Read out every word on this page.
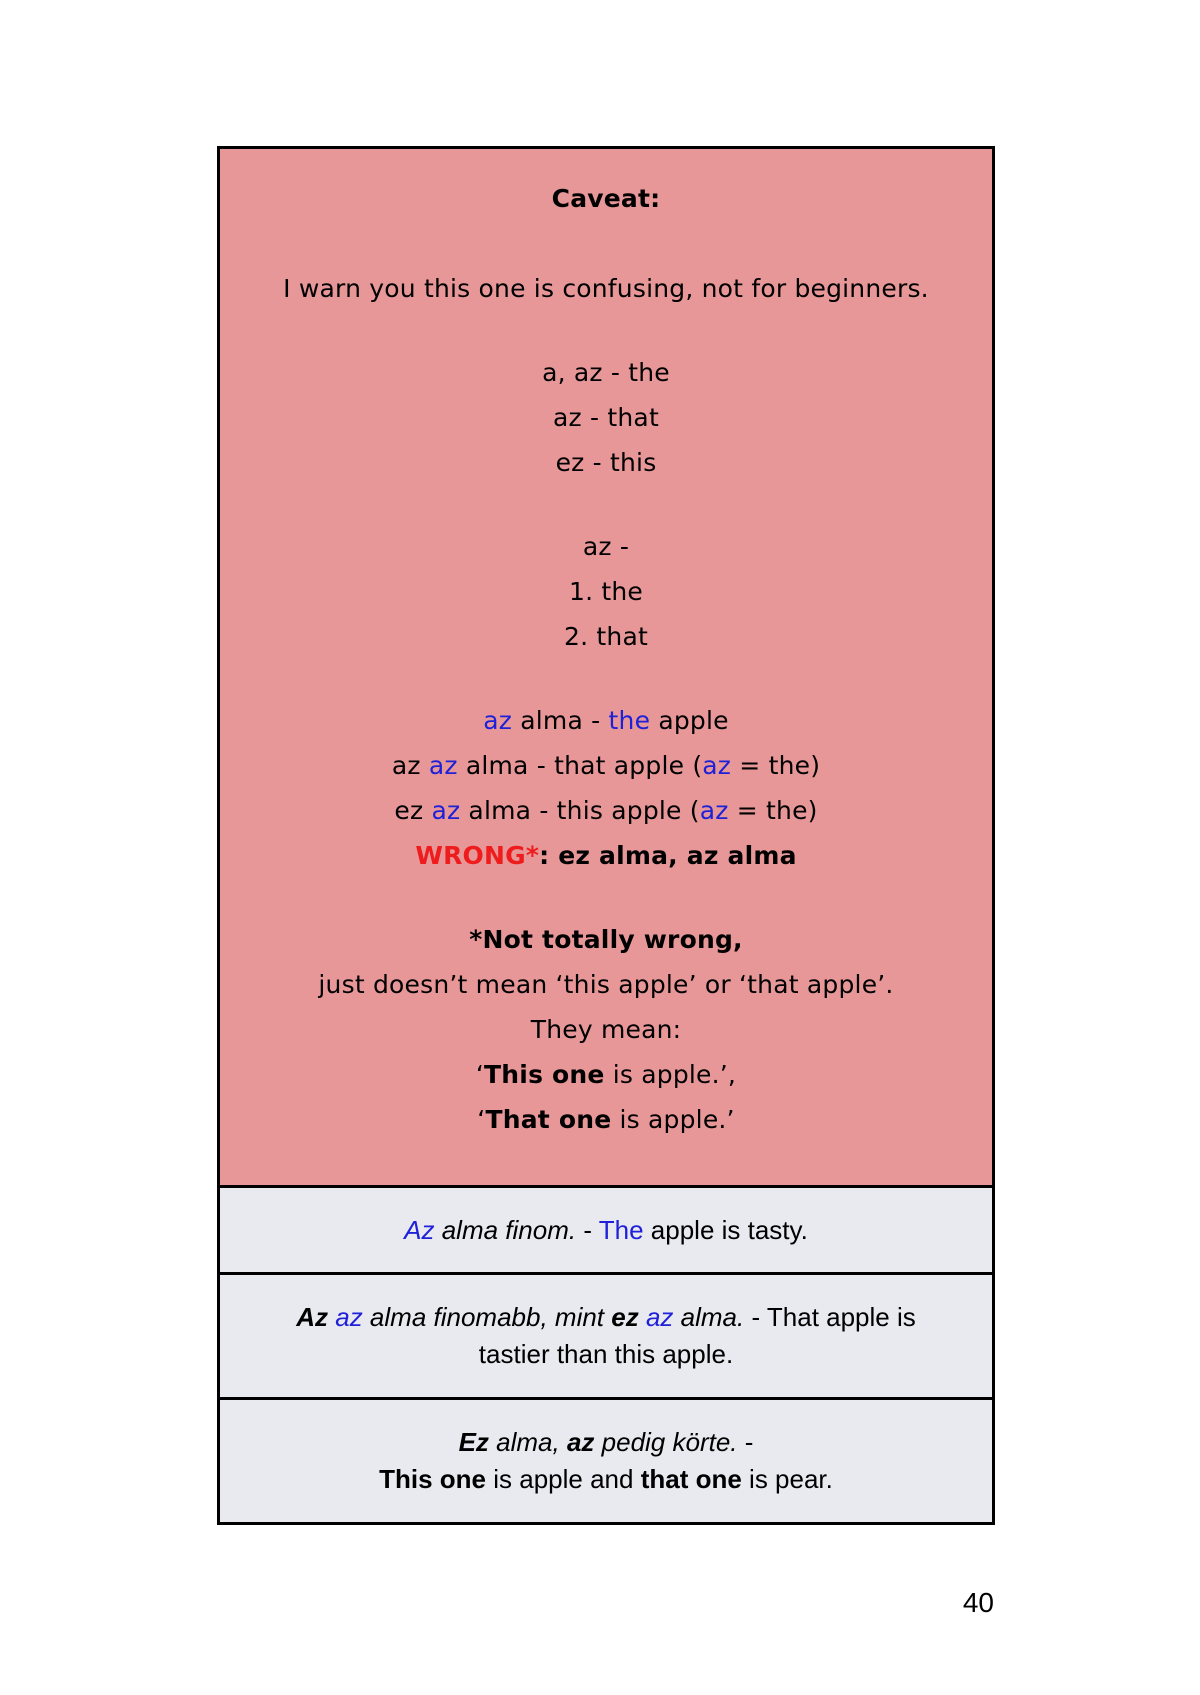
Caveat:

I warn you this one is confusing, not for beginners.

a, az - the

az - that

ez - this

az -

1. the

2. that

az alma - the apple

az az alma - that apple (az = the)

ez az alma - this apple (az = the)

WRONG*: ez alma, az alma

*Not totally wrong,

just doesn’t mean ‘this apple’ or ‘that apple’.

They mean:

‘This one is apple.’,

‘That one is apple.’

Az alma finom. - The apple is tasty.

Az az alma finomabb, mint ez az alma. - That apple is

tastier than this apple.

Ez alma, az pedig körte. -

This one is apple and that one is pear.

40
